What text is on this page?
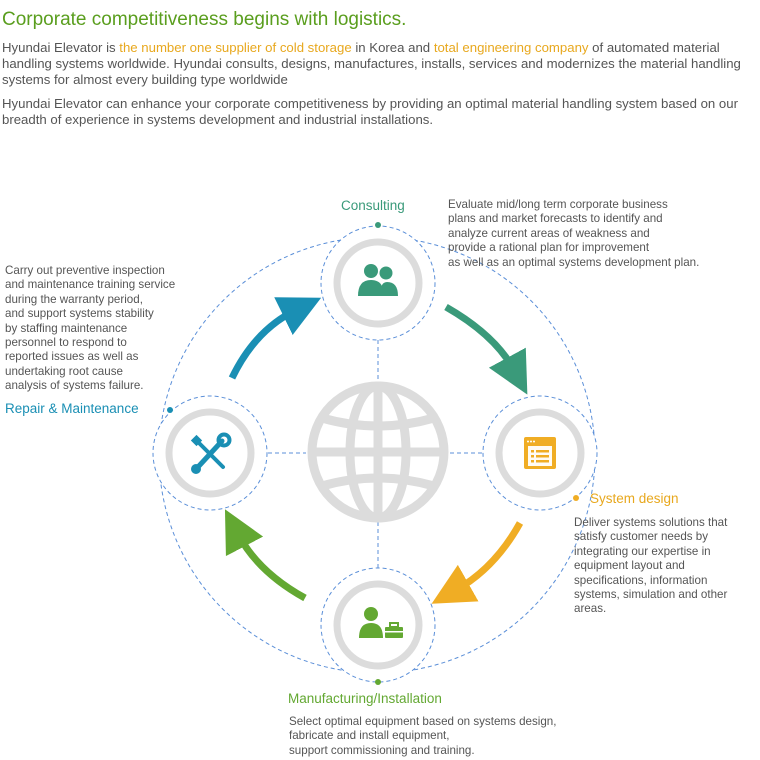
Corporate competitiveness begins with logistics.
Hyundai Elevator is the number one supplier of cold storage in Korea and total engineering company of automated material handling systems worldwide. Hyundai consults, designs, manufactures, installs, services and modernizes the material handling systems for almost every building type worldwide
Hyundai Elevator can enhance your corporate competitiveness by providing an optimal material handling system based on our breadth of experience in systems development and industrial installations.
Consulting	Evaluate mid/long term corporate business
plans and market forecasts to identify and
analyze current areas of weakness and
provide a rational plan for improvement
as well as an optimal systems development plan.
System design
Deliver systems solutions that
satisfy customer needs by
integrating our expertise in
equipment layout and
specifications, information
systems, simulation and other
areas.
Manufacturing/Installation
Select optimal equipment based on systems design,
fabricate and install equipment,
support commissioning and training.
Repair & Maintenance
Carry out preventive inspection
and maintenance training service
during the warranty period,
and support systems stability
by staffing maintenance
personnel to respond to
reported issues as well as
undertaking root cause
analysis of systems failure.
